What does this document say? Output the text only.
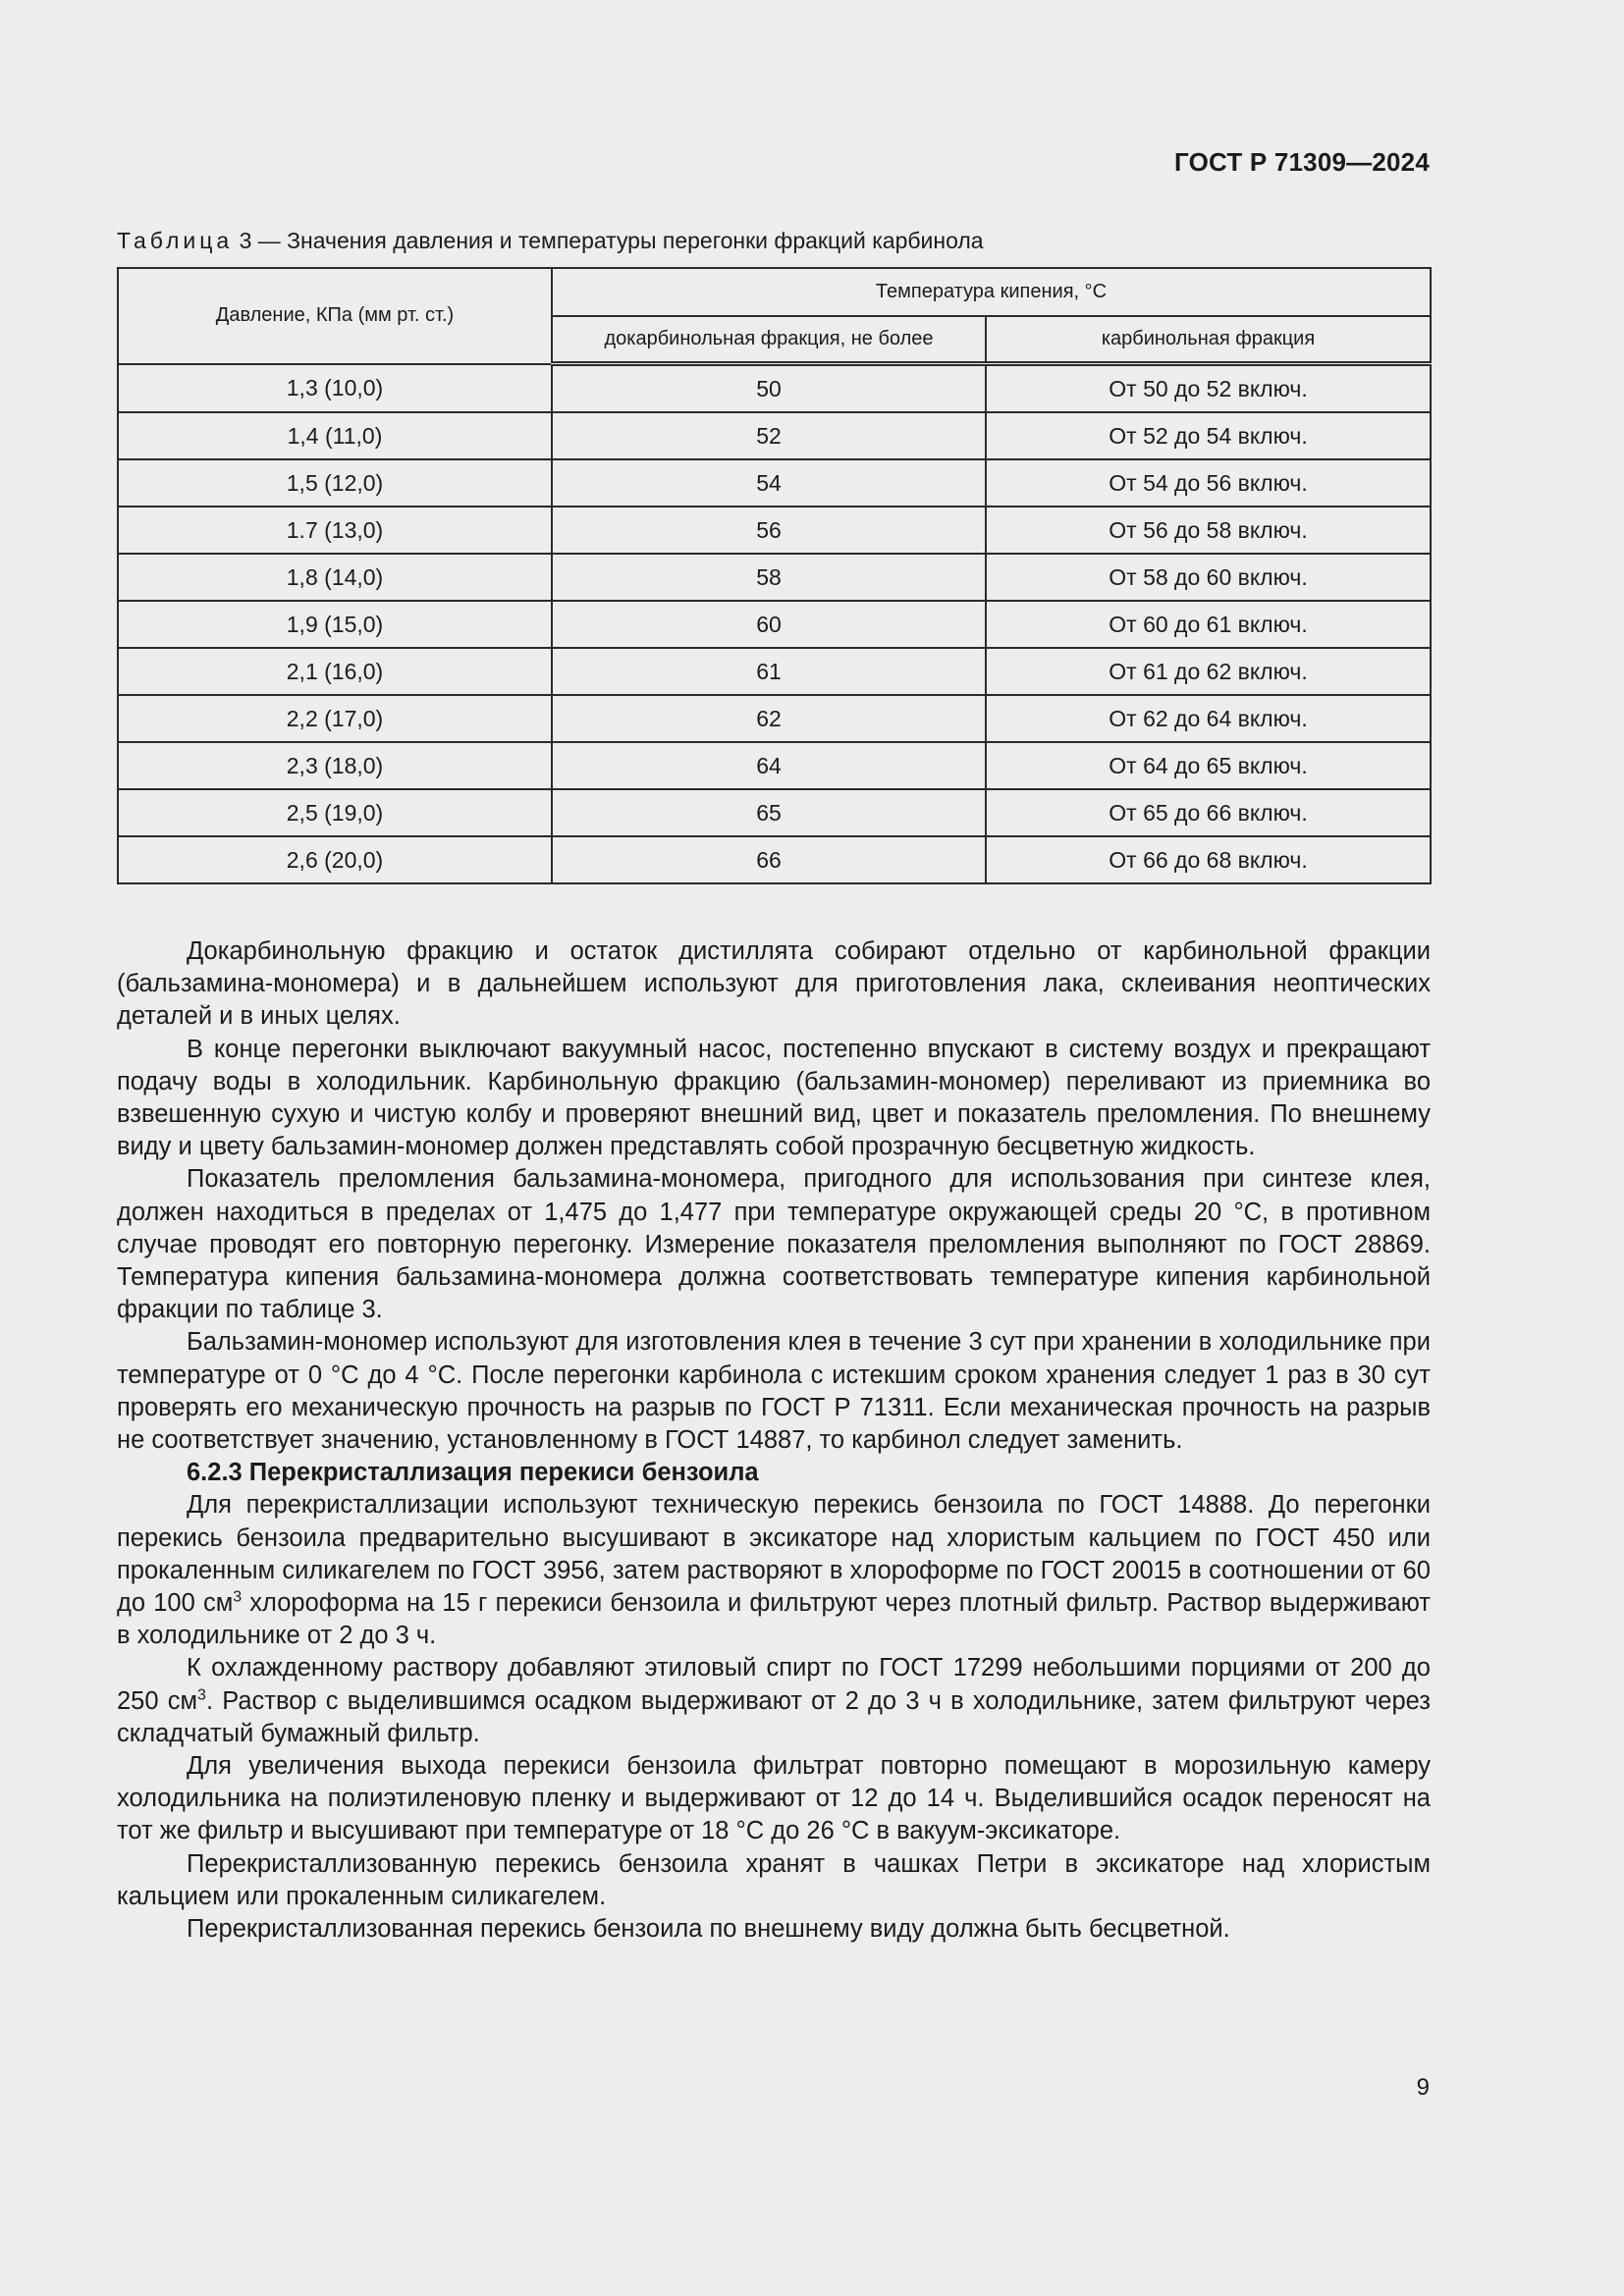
ГОСТ Р 71309—2024
Таблица 3 — Значения давления и температуры перегонки фракций карбинола
Давление, КПа (мм рт. ст.)	Температура кипения, °С	
	докарбинольная фракция, не более	карбинольная фракция
1,3 (10,0)	50	От 50 до 52 включ.
1,4 (11,0)	52	От 52 до 54 включ.
1,5 (12,0)	54	От 54 до 56 включ.
1.7 (13,0)	56	От 56 до 58 включ.
1,8 (14,0)	58	От 58 до 60 включ.
1,9 (15,0)	60	От 60 до 61 включ.
2,1 (16,0)	61	От 61 до 62 включ.
2,2 (17,0)	62	От 62 до 64 включ.
2,3 (18,0)	64	От 64 до 65 включ.
2,5 (19,0)	65	От 65 до 66 включ.
2,6 (20,0)	66	От 66 до 68 включ.

Докарбинольную фракцию и остаток дистиллята собирают отдельно от карбинольной фракции (бальзамина-мономера) и в дальнейшем используют для приготовления лака, склеивания неоптических деталей и в иных целях.

В конце перегонки выключают вакуумный насос, постепенно впускают в систему воздух и прекращают подачу воды в холодильник. Карбинольную фракцию (бальзамин-мономер) переливают из приемника во взвешенную сухую и чистую колбу и проверяют внешний вид, цвет и показатель преломления. По внешнему виду и цвету бальзамин-мономер должен представлять собой прозрачную бесцветную жидкость.

Показатель преломления бальзамина-мономера, пригодного для использования при синтезе клея, должен находиться в пределах от 1,475 до 1,477 при температуре окружающей среды 20 °С, в противном случае проводят его повторную перегонку. Измерение показателя преломления выполняют по ГОСТ 28869. Температура кипения бальзамина-мономера должна соответствовать температуре кипения карбинольной фракции по таблице 3.

Бальзамин-мономер используют для изготовления клея в течение 3 сут при хранении в холодильнике при температуре от 0 °С до 4 °С. После перегонки карбинола с истекшим сроком хранения следует 1 раз в 30 сут проверять его механическую прочность на разрыв по ГОСТ Р 71311. Если механическая прочность на разрыв не соответствует значению, установленному в ГОСТ 14887, то карбинол следует заменить.

6.2.3 Перекристаллизация перекиси бензоила

Для перекристаллизации используют техническую перекись бензоила по ГОСТ 14888. До перегонки перекись бензоила предварительно высушивают в эксикаторе над хлористым кальцием по ГОСТ 450 или прокаленным силикагелем по ГОСТ 3956, затем растворяют в хлороформе по ГОСТ 20015 в соотношении от 60 до 100 $см^3$ хлороформа на 15 г перекиси бензоила и фильтруют через плотный фильтр. Раствор выдерживают в холодильнике от 2 до 3 ч.

К охлажденному раствору добавляют этиловый спирт по ГОСТ 17299 небольшими порциями от 200 до 250 $см^3$. Раствор с выделившимся осадком выдерживают от 2 до 3 ч в холодильнике, затем фильтруют через складчатый бумажный фильтр.

Для увеличения выхода перекиси бензоила фильтрат повторно помещают в морозильную камеру холодильника на полиэтиленовую пленку и выдерживают от 12 до 14 ч. Выделившийся осадок переносят на тот же фильтр и высушивают при температуре от 18 °С до 26 °С в вакуум-эксикаторе.

Перекристаллизованную перекись бензоила хранят в чашках Петри в эксикаторе над хлористым кальцием или прокаленным силикагелем.

Перекристаллизованная перекись бензоила по внешнему виду должна быть бесцветной.

9
